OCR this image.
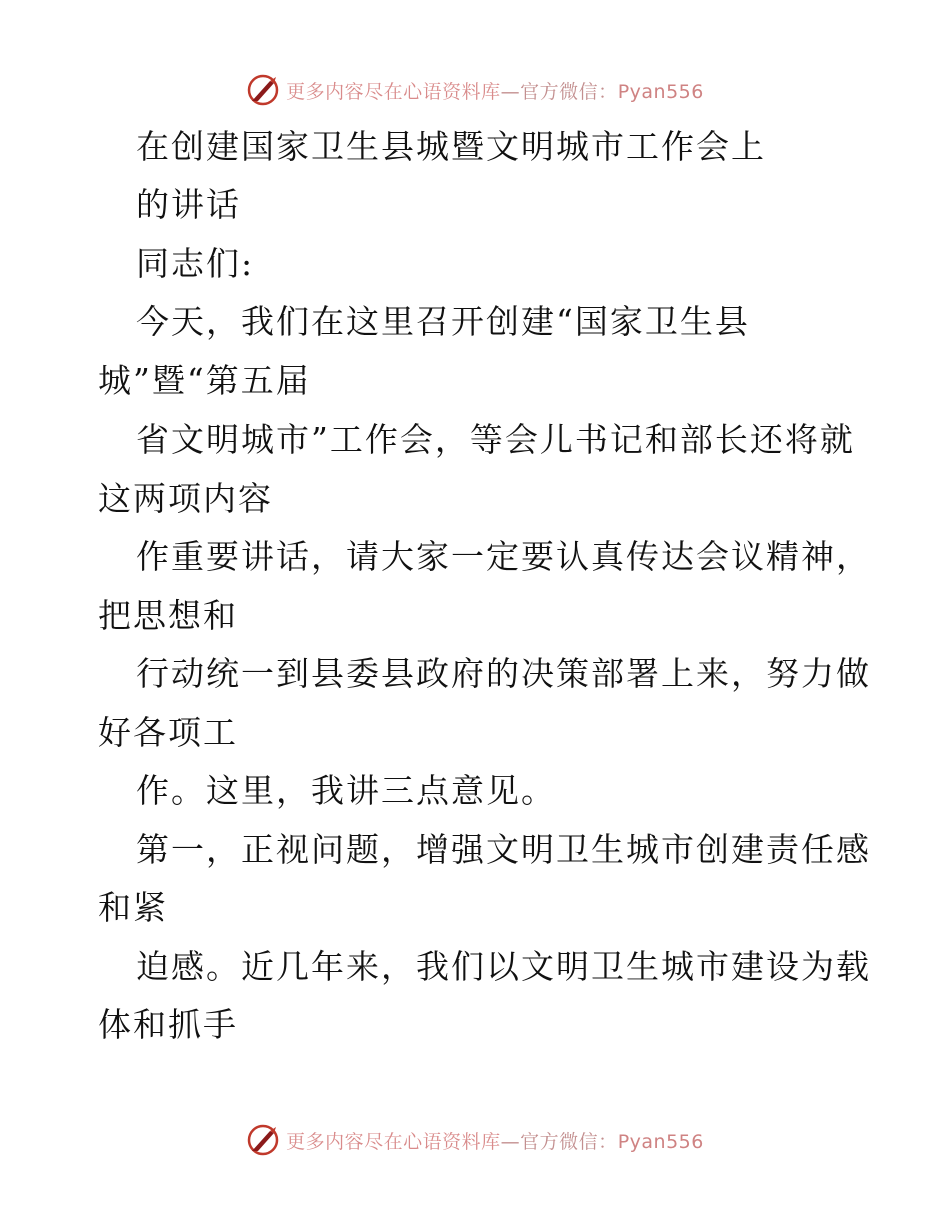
更多内容尽在心语资料库—官方微信：Pyan556
在创建国家卫生县城暨文明城市工作会上
的讲话
同志们:
今天，我们在这里召开创建“国家卫生县
城”暨“第五届
省文明城市”工作会，等会儿书记和部长还将就
这两项内容
作重要讲话，请大家一定要认真传达会议精神，
把思想和
行动统一到县委县政府的决策部署上来，努力做
好各项工
作。这里，我讲三点意见。
第一，正视问题，增强文明卫生城市创建责任感
和紧
迫感。近几年来，我们以文明卫生城市建设为载
体和抓手
更多内容尽在心语资料库—官方微信：Pyan556
